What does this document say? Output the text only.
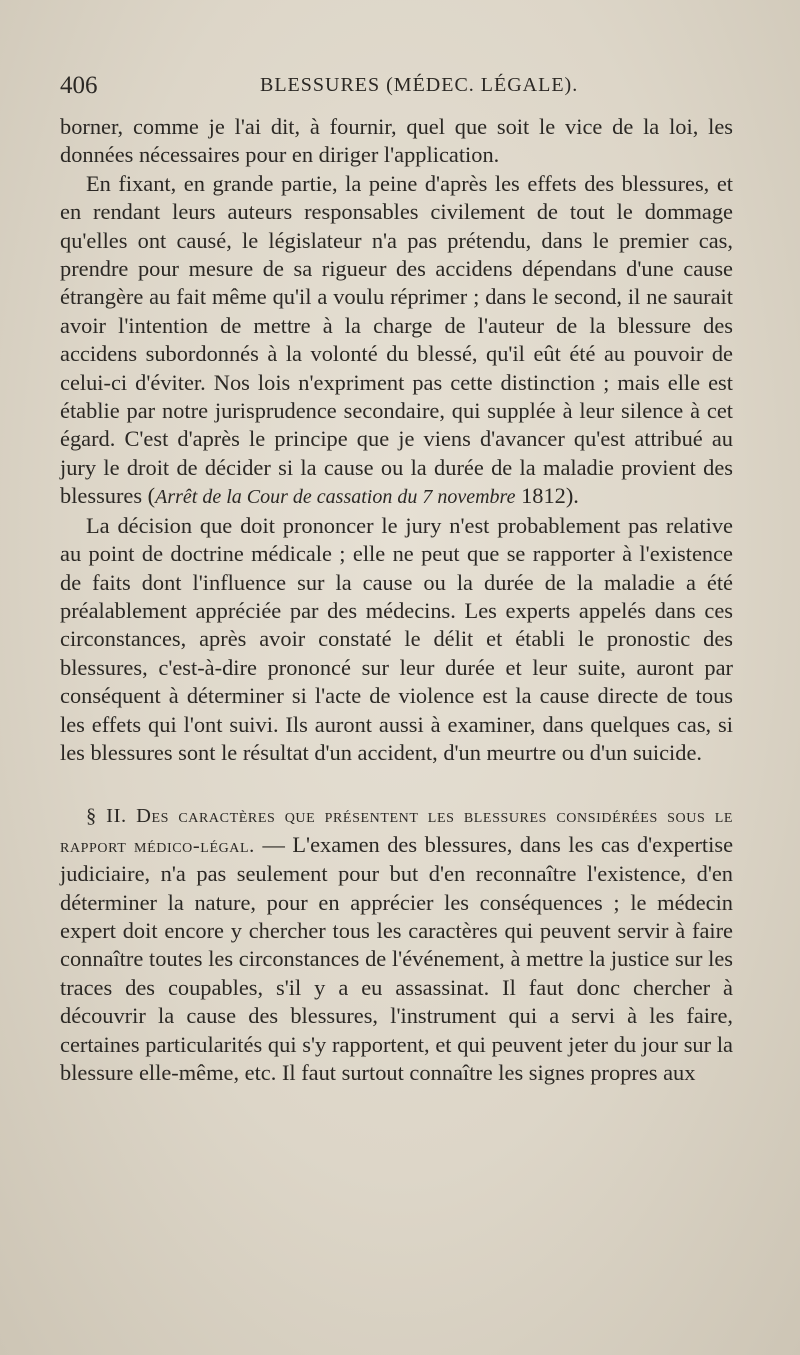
406	BLESSURES (MÉDEC. LÉGALE).

borner, comme je l'ai dit, à fournir, quel que soit le vice de la loi, les données nécessaires pour en diriger l'application.

En fixant, en grande partie, la peine d'après les effets des blessures, et en rendant leurs auteurs responsables civilement de tout le dommage qu'elles ont causé, le législateur n'a pas prétendu, dans le premier cas, prendre pour mesure de sa rigueur des accidens dépendans d'une cause étrangère au fait même qu'il a voulu réprimer ; dans le second, il ne saurait avoir l'intention de mettre à la charge de l'auteur de la blessure des accidens subordonnés à la volonté du blessé, qu'il eût été au pouvoir de celui-ci d'éviter. Nos lois n'expriment pas cette distinction ; mais elle est établie par notre jurisprudence secondaire, qui supplée à leur silence à cet égard. C'est d'après le principe que je viens d'avancer qu'est attribué au jury le droit de décider si la cause ou la durée de la maladie provient des blessures (Arrêt de la Cour de cassation du 7 novembre 1812).

La décision que doit prononcer le jury n'est probablement pas relative au point de doctrine médicale ; elle ne peut que se rapporter à l'existence de faits dont l'influence sur la cause ou la durée de la maladie a été préalablement appréciée par des médecins. Les experts appelés dans ces circonstances, après avoir constaté le délit et établi le pronostic des blessures, c'est-à-dire prononcé sur leur durée et leur suite, auront par conséquent à déterminer si l'acte de violence est la cause directe de tous les effets qui l'ont suivi. Ils auront aussi à examiner, dans quelques cas, si les blessures sont le résultat d'un accident, d'un meurtre ou d'un suicide.

§ II. Des caractères que présentent les blessures considérées sous le rapport médico-légal. — L'examen des blessures, dans les cas d'expertise judiciaire, n'a pas seulement pour but d'en reconnaître l'existence, d'en déterminer la nature, pour en apprécier les conséquences ; le médecin expert doit encore y chercher tous les caractères qui peuvent servir à faire connaître toutes les circonstances de l'événement, à mettre la justice sur les traces des coupables, s'il y a eu assassinat. Il faut donc chercher à découvrir la cause des blessures, l'instrument qui a servi à les faire, certaines particularités qui s'y rapportent, et qui peuvent jeter du jour sur la blessure elle-même, etc. Il faut surtout connaître les signes propres aux
